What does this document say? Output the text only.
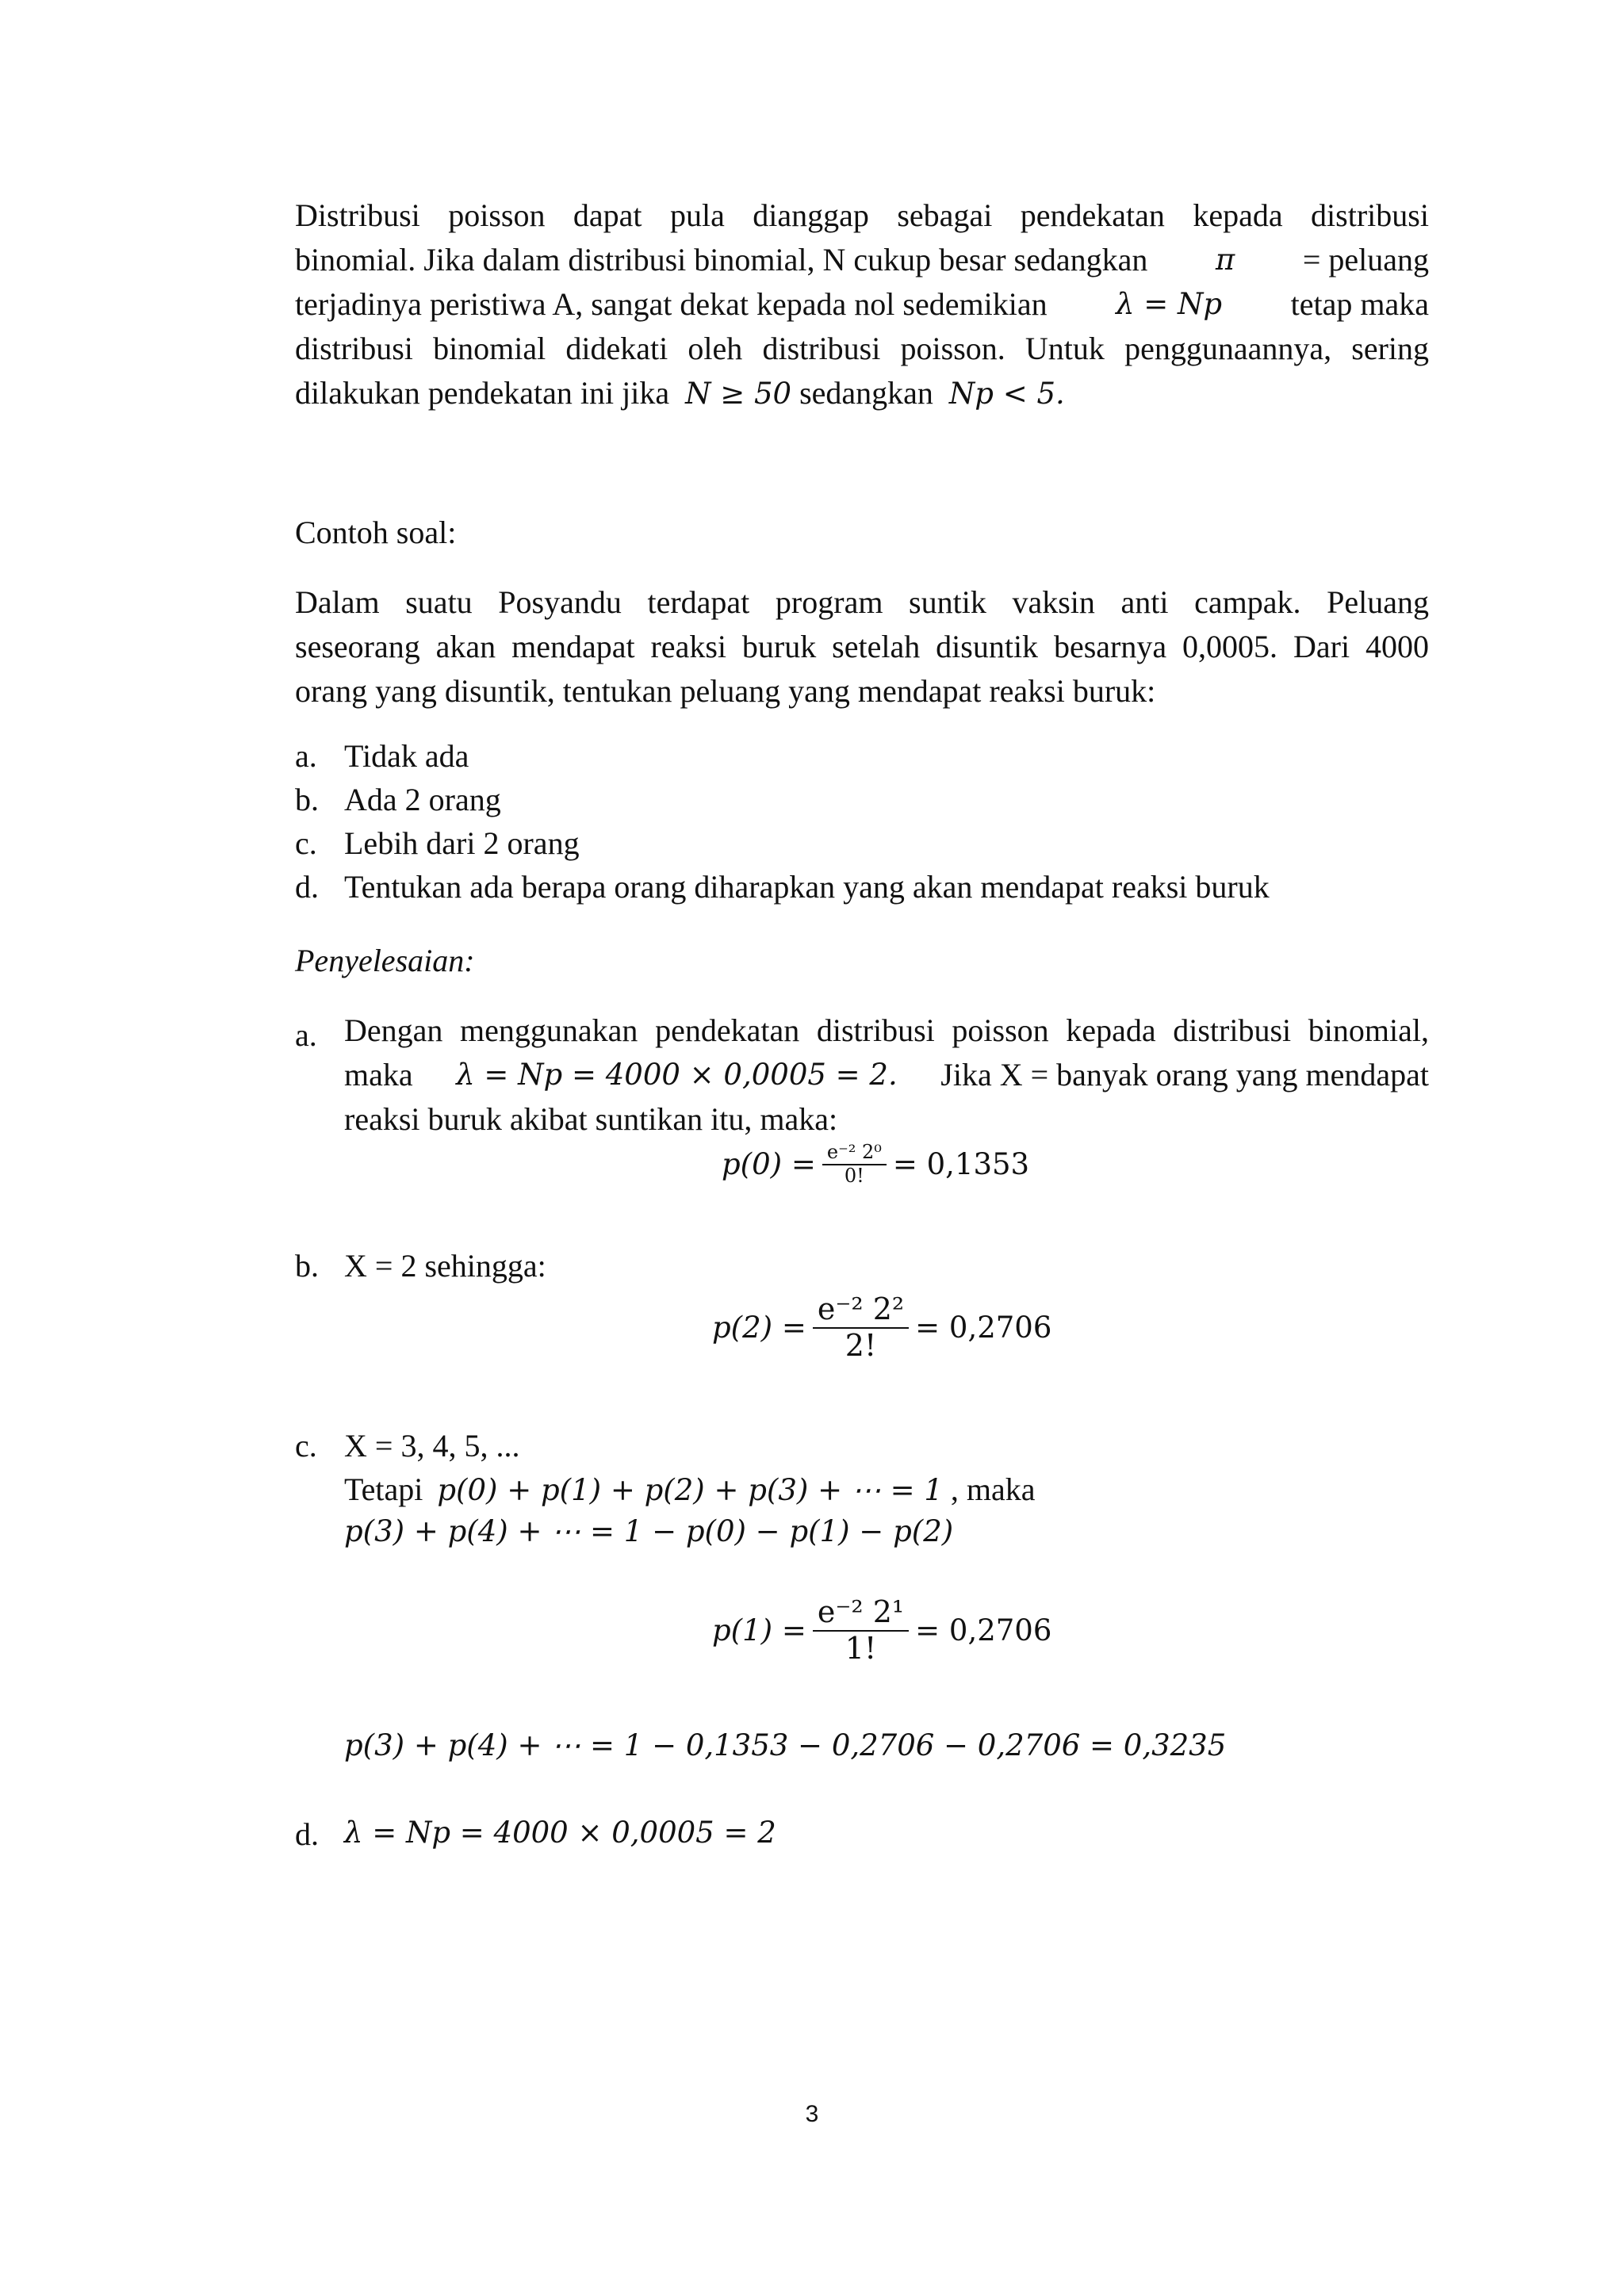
Distribusi poisson dapat pula dianggap sebagai pendekatan kepada distribusi
binomial. Jika dalam distribusi binomial, N cukup besar sedangkan π = peluang
terjadinya peristiwa A, sangat dekat kepada nol sedemikian λ = Np tetap maka
distribusi binomial didekati oleh distribusi poisson. Untuk penggunaannya, sering
dilakukan pendekatan ini jika N ≥ 50 sedangkan Np < 5.
Contoh soal:
Dalam suatu Posyandu terdapat program suntik vaksin anti campak. Peluang
seseorang akan mendapat reaksi buruk setelah disuntik besarnya 0,0005. Dari 4000
orang yang disuntik, tentukan peluang yang mendapat reaksi buruk:
a. Tidak ada
b. Ada 2 orang
c. Lebih dari 2 orang
d. Tentukan ada berapa orang diharapkan yang akan mendapat reaksi buruk
Penyelesaian:
a. Dengan menggunakan pendekatan distribusi poisson kepada distribusi binomial,
maka λ = Np = 4000 × 0,0005 = 2. Jika X = banyak orang yang mendapat
reaksi buruk akibat suntikan itu, maka:
$p(0) = \frac{\text{e⁻² 2⁰}}{0!} = 0,1353$
b. X = 2 sehingga:
$p(2) = \frac{\text{e⁻² 2²}}{2!} = 0,2706$
c. X = 3, 4, 5, ...
Tetapi p(0) + p(1) + p(2) + p(3) + ⋯ = 1 , maka
p(3) + p(4) + ⋯ = 1 − p(0) − p(1) − p(2)
$p(1) = \frac{\text{e⁻² 2¹}}{1!} = 0,2706$
p(3) + p(4) + ⋯ = 1 − 0,1353 − 0,2706 − 0,2706 = 0,3235
d. λ = Np = 4000 × 0,0005 = 2
3
